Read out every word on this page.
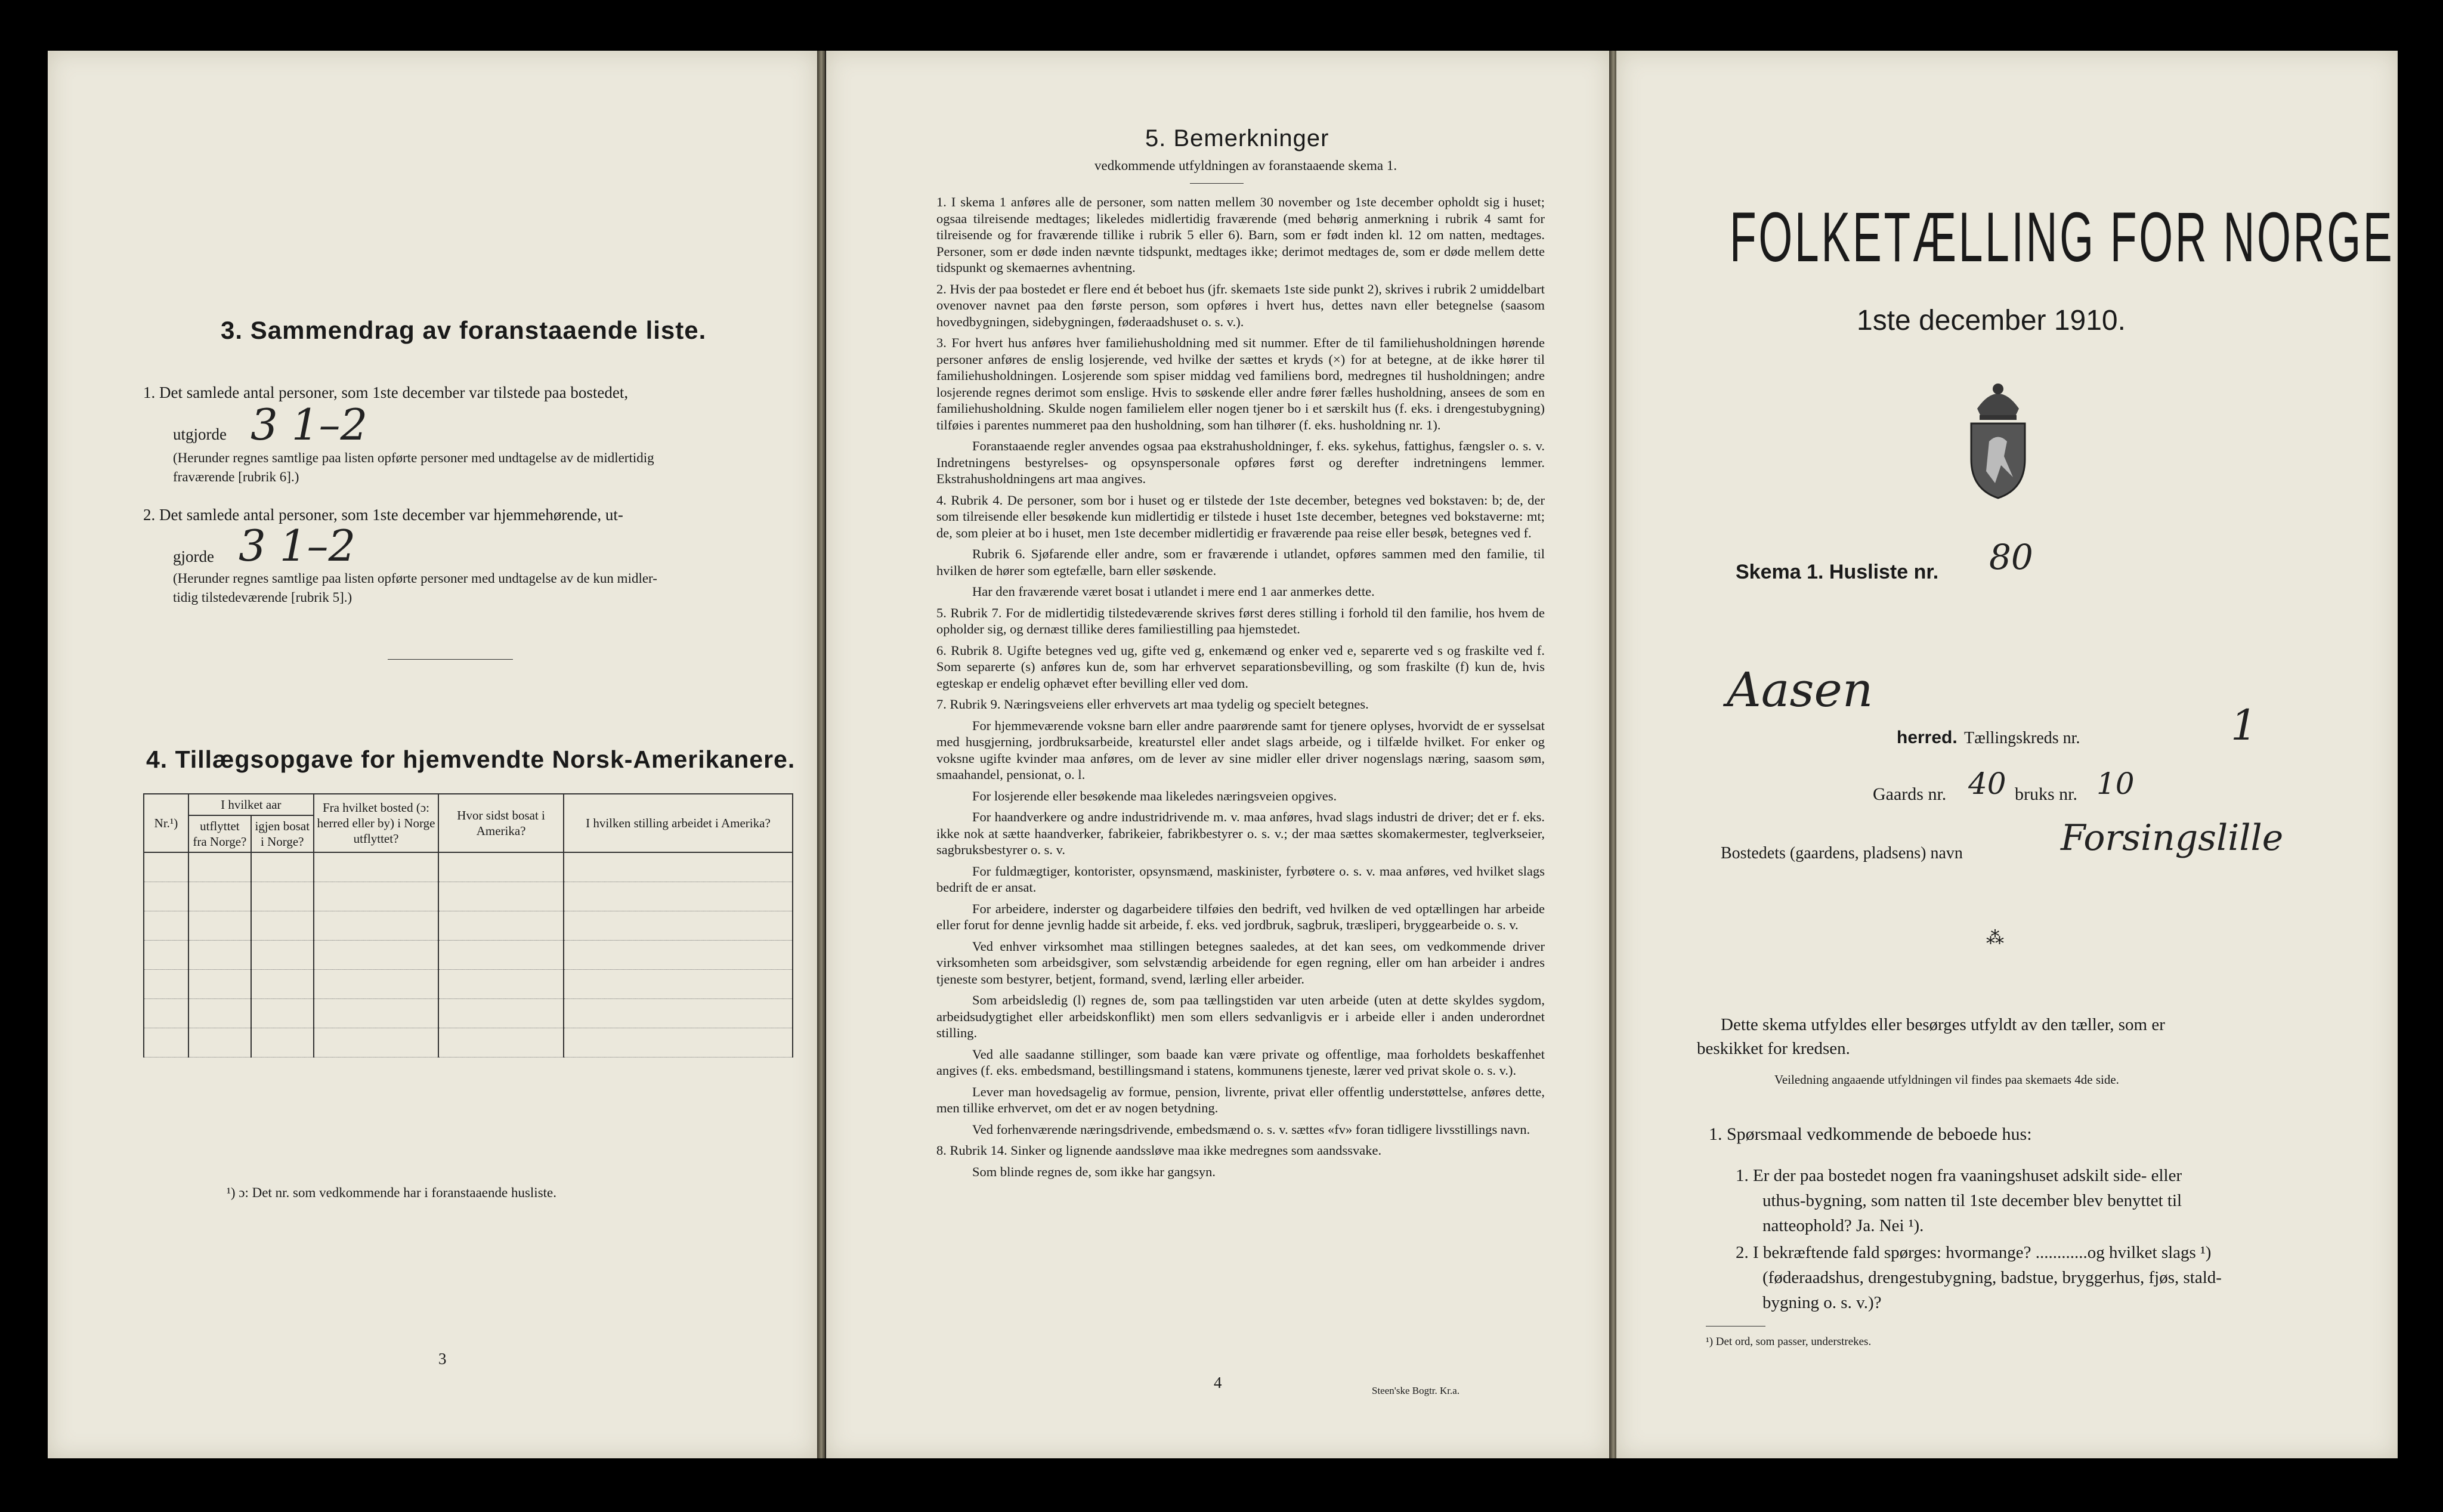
3. Sammendrag av foranstaaende liste.
1. Det samlede antal personer, som 1ste december var tilstede paa bostedet,
utgjorde 3 1–2
(Herunder regnes samtlige paa listen opførte personer med undtagelse av de midlertidig
fraværende [rubrik 6].)
2. Det samlede antal personer, som 1ste december var hjemmehørende, ut-
gjorde 3 1–2
(Herunder regnes samtlige paa listen opførte personer med undtagelse av de kun midler-
tidig tilstedeværende [rubrik 5].)
4. Tillægsopgave for hjemvendte Norsk-Amerikanere.
Nr.¹)	I hvilket aar		Fra hvilket bosted (ɔ: herred eller by) i Norge utflyttet?	Hvor sidst bosat i Amerika?	I hvilken stilling arbeidet i Amerika?
	utflyttet fra Norge?	igjen bosat i Norge?			

¹) ɔ: Det nr. som vedkommende har i foranstaaende husliste.
3
5. Bemerkninger
vedkommende utfyldningen av foranstaaende skema 1.

1. I skema 1 anføres alle de personer, som natten mellem 30 november og 1ste december opholdt sig i huset; ogsaa tilreisende medtages; likeledes midlertidig fraværende (med behørig anmerkning i rubrik 4 samt for tilreisende og for fraværende tillike i rubrik 5 eller 6). Barn, som er født inden kl. 12 om natten, medtages. Personer, som er døde inden nævnte tidspunkt, medtages ikke; derimot medtages de, som er døde mellem dette tidspunkt og skemaernes avhentning.

2. Hvis der paa bostedet er flere end ét beboet hus (jfr. skemaets 1ste side punkt 2), skrives i rubrik 2 umiddelbart ovenover navnet paa den første person, som opføres i hvert hus, dettes navn eller betegnelse (saasom hovedbygningen, sidebygningen, føderaadshuset o. s. v.).

3. For hvert hus anføres hver familiehusholdning med sit nummer. Efter de til familiehusholdningen hørende personer anføres de enslig losjerende, ved hvilke der sættes et kryds (×) for at betegne, at de ikke hører til familiehusholdningen. Losjerende som spiser middag ved familiens bord, medregnes til husholdningen; andre losjerende regnes derimot som enslige. Hvis to søskende eller andre fører fælles husholdning, ansees de som en familiehusholdning. Skulde nogen familielem eller nogen tjener bo i et særskilt hus (f. eks. i drengestubygning) tilføies i parentes nummeret paa den husholdning, som han tilhører (f. eks. husholdning nr. 1).

Foranstaaende regler anvendes ogsaa paa ekstrahusholdninger, f. eks. sykehus, fattighus, fængsler o. s. v. Indretningens bestyrelses- og opsynspersonale opføres først og derefter indretningens lemmer. Ekstrahusholdningens art maa angives.

4. Rubrik 4. De personer, som bor i huset og er tilstede der 1ste december, betegnes ved bokstaven: b; de, der som tilreisende eller besøkende kun midlertidig er tilstede i huset 1ste december, betegnes ved bokstaverne: mt; de, som pleier at bo i huset, men 1ste december midlertidig er fraværende paa reise eller besøk, betegnes ved f.

Rubrik 6. Sjøfarende eller andre, som er fraværende i utlandet, opføres sammen med den familie, til hvilken de hører som egtefælle, barn eller søskende.

Har den fraværende været bosat i utlandet i mere end 1 aar anmerkes dette.

5. Rubrik 7. For de midlertidig tilstedeværende skrives først deres stilling i forhold til den familie, hos hvem de opholder sig, og dernæst tillike deres familiestilling paa hjemstedet.

6. Rubrik 8. Ugifte betegnes ved ug, gifte ved g, enkemænd og enker ved e, separerte ved s og fraskilte ved f. Som separerte (s) anføres kun de, som har erhvervet separationsbevilling, og som fraskilte (f) kun de, hvis egteskap er endelig ophævet efter bevilling eller ved dom.

7. Rubrik 9. Næringsveiens eller erhvervets art maa tydelig og specielt betegnes.

For hjemmeværende voksne barn eller andre paarørende samt for tjenere oplyses, hvorvidt de er sysselsat med husgjerning, jordbruksarbeide, kreaturstel eller andet slags arbeide, og i tilfælde hvilket. For enker og voksne ugifte kvinder maa anføres, om de lever av sine midler eller driver nogenslags næring, saasom søm, smaahandel, pensionat, o. l.

For losjerende eller besøkende maa likeledes næringsveien opgives.

For haandverkere og andre industridrivende m. v. maa anføres, hvad slags industri de driver; det er f. eks. ikke nok at sætte haandverker, fabrikeier, fabrikbestyrer o. s. v.; der maa sættes skomakermester, teglverkseier, sagbruksbestyrer o. s. v.

For fuldmægtiger, kontorister, opsynsmænd, maskinister, fyrbøtere o. s. v. maa anføres, ved hvilket slags bedrift de er ansat.

For arbeidere, inderster og dagarbeidere tilføies den bedrift, ved hvilken de ved optællingen har arbeide eller forut for denne jevnlig hadde sit arbeide, f. eks. ved jordbruk, sagbruk, træsliperi, bryggearbeide o. s. v.

Ved enhver virksomhet maa stillingen betegnes saaledes, at det kan sees, om vedkommende driver virksomheten som arbeidsgiver, som selvstændig arbeidende for egen regning, eller om han arbeider i andres tjeneste som bestyrer, betjent, formand, svend, lærling eller arbeider.

Som arbeidsledig (l) regnes de, som paa tællingstiden var uten arbeide (uten at dette skyldes sygdom, arbeidsudygtighet eller arbeidskonflikt) men som ellers sedvanligvis er i arbeide eller i anden underordnet stilling.

Ved alle saadanne stillinger, som baade kan være private og offentlige, maa forholdets beskaffenhet angives (f. eks. embedsmand, bestillingsmand i statens, kommunens tjeneste, lærer ved privat skole o. s. v.).

Lever man hovedsagelig av formue, pension, livrente, privat eller offentlig understøttelse, anføres dette, men tillike erhvervet, om det er av nogen betydning.

Ved forhenværende næringsdrivende, embedsmænd o. s. v. sættes «fv» foran tidligere livsstillings navn.

8. Rubrik 14. Sinker og lignende aandssløve maa ikke medregnes som aandssvake.

Som blinde regnes de, som ikke har gangsyn.

4	Steen'ske Bogtr. Kr.a.
FOLKETÆLLING FOR NORGE
1ste december 1910.
Skema 1. Husliste nr. 80
Aasen
herred. Tællingskreds nr.	1
Gaards nr. 40 bruks nr. 10
Bostedets (gaardens, pladsens) navn	Forsingslille
⁂
Dette skema utfyldes eller besørges utfyldt av den tæller, som er
beskikket for kredsen.
Veiledning angaaende utfyldningen vil findes paa skemaets 4de side.
1. Spørsmaal vedkommende de beboede hus:
1. Er der paa bostedet nogen fra vaaningshuset adskilt side- eller
uthus-bygning, som natten til 1ste december blev benyttet til
natteophold? Ja. Nei ¹).
2. I bekræftende fald spørges: hvormange? ............og hvilket slags ¹)
(føderaadshus, drengestubygning, badstue, bryggerhus, fjøs, stald-
bygning o. s. v.)?
¹) Det ord, som passer, understrekes.
